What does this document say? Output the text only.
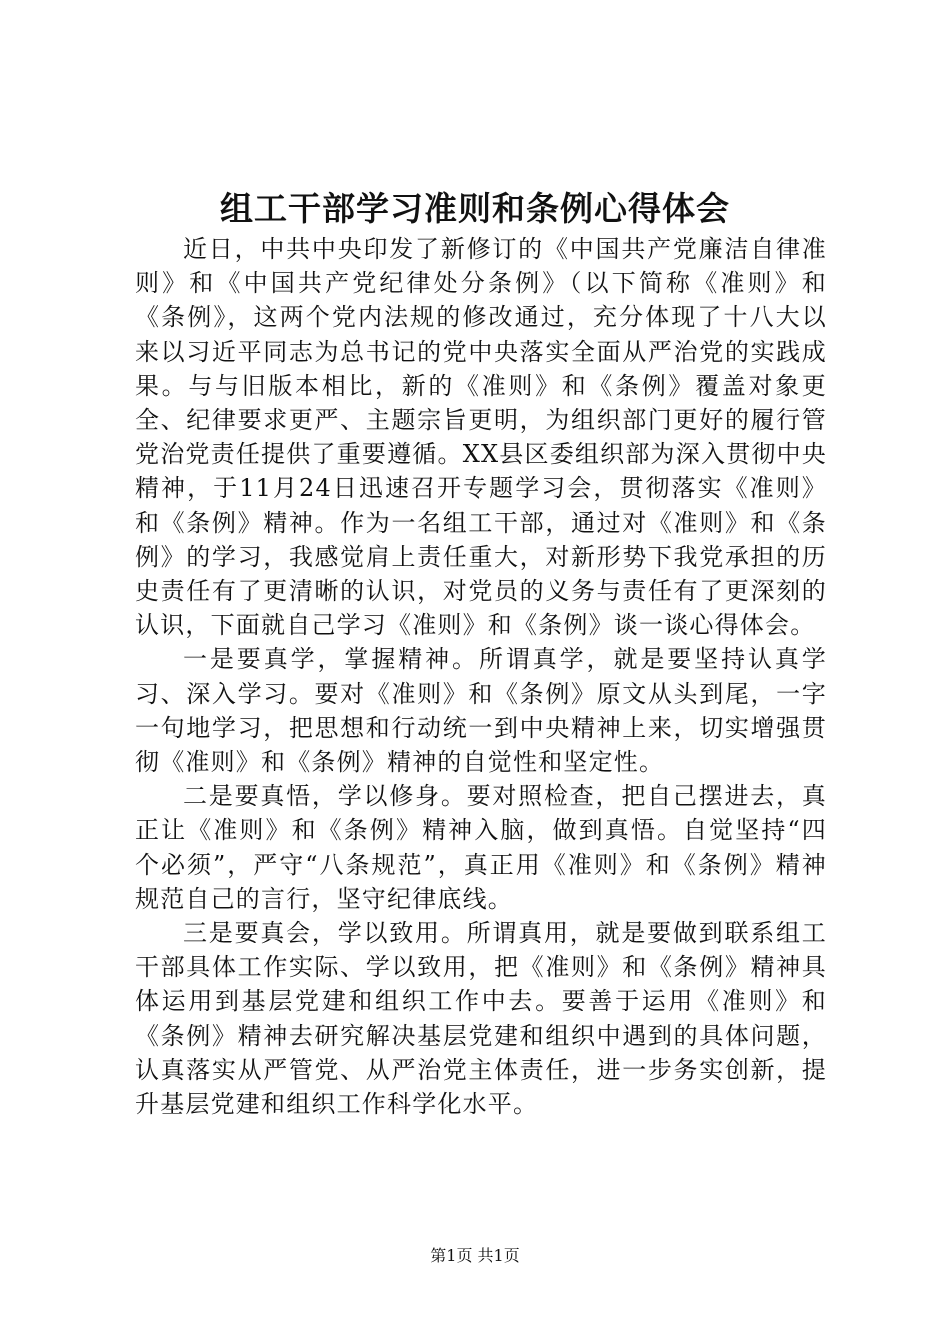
组工干部学习准则和条例心得体会

近日，中共中央印发了新修订的《中国共产党廉洁自律准则》和《中国共产党纪律处分条例》（以下简称《准则》和《条例》，这两个党内法规的修改通过，充分体现了十八大以来以习近平同志为总书记的党中央落实全面从严治党的实践成果。与与旧版本相比，新的《准则》和《条例》覆盖对象更全、纪律要求更严、主题宗旨更明，为组织部门更好的履行管党治党责任提供了重要遵循。XX县区委组织部为深入贯彻中央精神，于11月24日迅速召开专题学习会，贯彻落实《准则》和《条例》精神。作为一名组工干部，通过对《准则》和《条例》的学习，我感觉肩上责任重大，对新形势下我党承担的历史责任有了更清晰的认识，对党员的义务与责任有了更深刻的认识，下面就自己学习《准则》和《条例》谈一谈心得体会。

一是要真学，掌握精神。所谓真学，就是要坚持认真学习、深入学习。要对《准则》和《条例》原文从头到尾，一字一句地学习，把思想和行动统一到中央精神上来，切实增强贯彻《准则》和《条例》精神的自觉性和坚定性。

二是要真悟，学以修身。要对照检查，把自己摆进去，真正让《准则》和《条例》精神入脑，做到真悟。自觉坚持“四个必须”，严守“八条规范”，真正用《准则》和《条例》精神规范自己的言行，坚守纪律底线。

三是要真会，学以致用。所谓真用，就是要做到联系组工干部具体工作实际、学以致用，把《准则》和《条例》精神具体运用到基层党建和组织工作中去。要善于运用《准则》和《条例》精神去研究解决基层党建和组织中遇到的具体问题，认真落实从严管党、从严治党主体责任，进一步务实创新，提升基层党建和组织工作科学化水平。

第1页 共1页
